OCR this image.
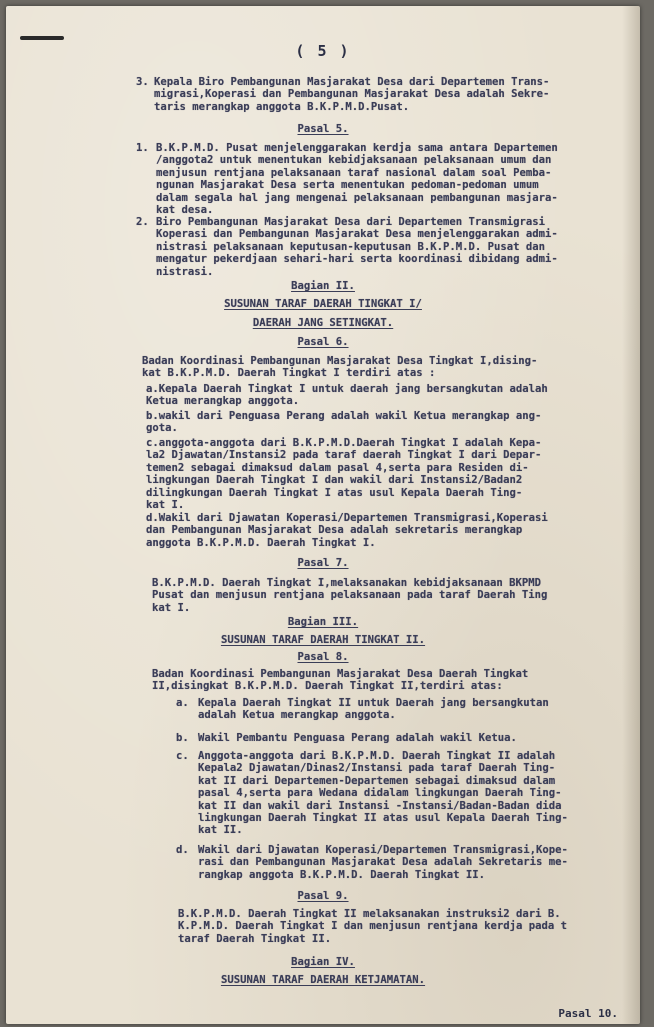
( 5 )
3. Kepala Biro Pembangunan Masjarakat Desa dari Departemen Trans-
migrasi,Koperasi dan Pembangunan Masjarakat Desa adalah Sekre-
taris merangkap anggota B.K.P.M.D.Pusat.
Pasal 5.
1. B.K.P.M.D. Pusat menjelenggarakan kerdja sama antara Departemen
/anggota2 untuk menentukan kebidjaksanaan pelaksanaan umum dan
menjusun rentjana pelaksanaan taraf nasional dalam soal Pemba-
ngunan Masjarakat Desa serta menentukan pedoman-pedoman umum
dalam segala hal jang mengenai pelaksanaan pembangunan masjara-
kat desa.
2. Biro Pembangunan Masjarakat Desa dari Departemen Transmigrasi
Koperasi dan Pembangunan Masjarakat Desa menjelenggarakan admi-
nistrasi pelaksanaan keputusan-keputusan B.K.P.M.D. Pusat dan
mengatur pekerdjaan sehari-hari serta koordinasi dibidang admi-
nistrasi.
Bagian II.
SUSUNAN TARAF DAERAH TINGKAT I/
DAERAH JANG SETINGKAT.
Pasal 6.
Badan Koordinasi Pembangunan Masjarakat Desa Tingkat I,dising-
kat B.K.P.M.D. Daerah Tingkat I terdiri atas :
a.Kepala Daerah Tingkat I untuk daerah jang bersangkutan adalah
Ketua merangkap anggota.
b.wakil dari Penguasa Perang adalah wakil Ketua merangkap ang-
gota.
c.anggota-anggota dari B.K.P.M.D.Daerah Tingkat I adalah Kepa-
la2 Djawatan/Instansi2 pada taraf daerah Tingkat I dari Depar-
temen2 sebagai dimaksud dalam pasal 4,serta para Residen di-
lingkungan Daerah Tingkat I dan wakil dari Instansi2/Badan2
dilingkungan Daerah Tingkat I atas usul Kepala Daerah Ting-
kat I.
d.Wakil dari Djawatan Koperasi/Departemen Transmigrasi,Koperasi
dan Pembangunan Masjarakat Desa adalah sekretaris merangkap
anggota B.K.P.M.D. Daerah Tingkat I.
Pasal 7.
B.K.P.M.D. Daerah Tingkat I,melaksanakan kebidjaksanaan BKPMD
Pusat dan menjusun rentjana pelaksanaan pada taraf Daerah Ting
kat I.
Bagian III.
SUSUNAN TARAF DAERAH TINGKAT II.
Pasal 8.
Badan Koordinasi Pembangunan Masjarakat Desa Daerah Tingkat
II,disingkat B.K.P.M.D. Daerah Tingkat II,terdiri atas:
a. Kepala Daerah Tingkat II untuk Daerah jang bersangkutan
adalah Ketua merangkap anggota.
b. Wakil Pembantu Penguasa Perang adalah wakil Ketua.
c. Anggota-anggota dari B.K.P.M.D. Daerah Tingkat II adalah
Kepala2 Djawatan/Dinas2/Instansi pada taraf Daerah Ting-
kat II dari Departemen-Departemen sebagai dimaksud dalam
pasal 4,serta para Wedana didalam lingkungan Daerah Ting-
kat II dan wakil dari Instansi -Instansi/Badan-Badan dida
lingkungan Daerah Tingkat II atas usul Kepala Daerah Ting-
kat II.
d. Wakil dari Djawatan Koperasi/Departemen Transmigrasi,Kope-
rasi dan Pembangunan Masjarakat Desa adalah Sekretaris me-
rangkap anggota B.K.P.M.D. Daerah Tingkat II.
Pasal 9.
B.K.P.M.D. Daerah Tingkat II melaksanakan instruksi2 dari B.
K.P.M.D. Daerah Tingkat I dan menjusun rentjana kerdja pada t
taraf Daerah Tingkat II.
Bagian IV.
SUSUNAN TARAF DAERAH KETJAMATAN.
Pasal 10.
